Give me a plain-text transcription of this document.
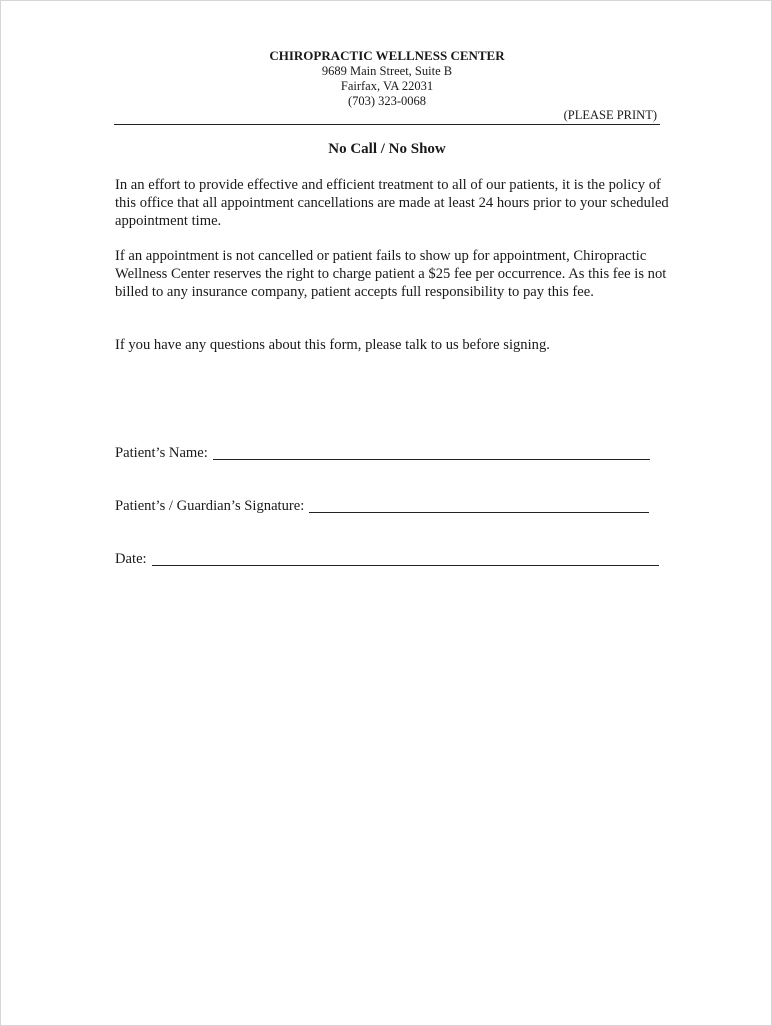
CHIROPRACTIC WELLNESS CENTER
9689 Main Street, Suite B
Fairfax, VA 22031
(703) 323-0068
(PLEASE PRINT)
No Call / No Show
In an effort to provide effective and efficient treatment to all of our patients, it is the policy of this office that all appointment cancellations are made at least 24 hours prior to your scheduled appointment time.
If an appointment is not cancelled or patient fails to show up for appointment, Chiropractic Wellness Center reserves the right to charge patient a $25 fee per occurrence. As this fee is not billed to any insurance company, patient accepts full responsibility to pay this fee.
If you have any questions about this form, please talk to us before signing.
Patient’s Name:
Patient’s / Guardian’s Signature:
Date:
